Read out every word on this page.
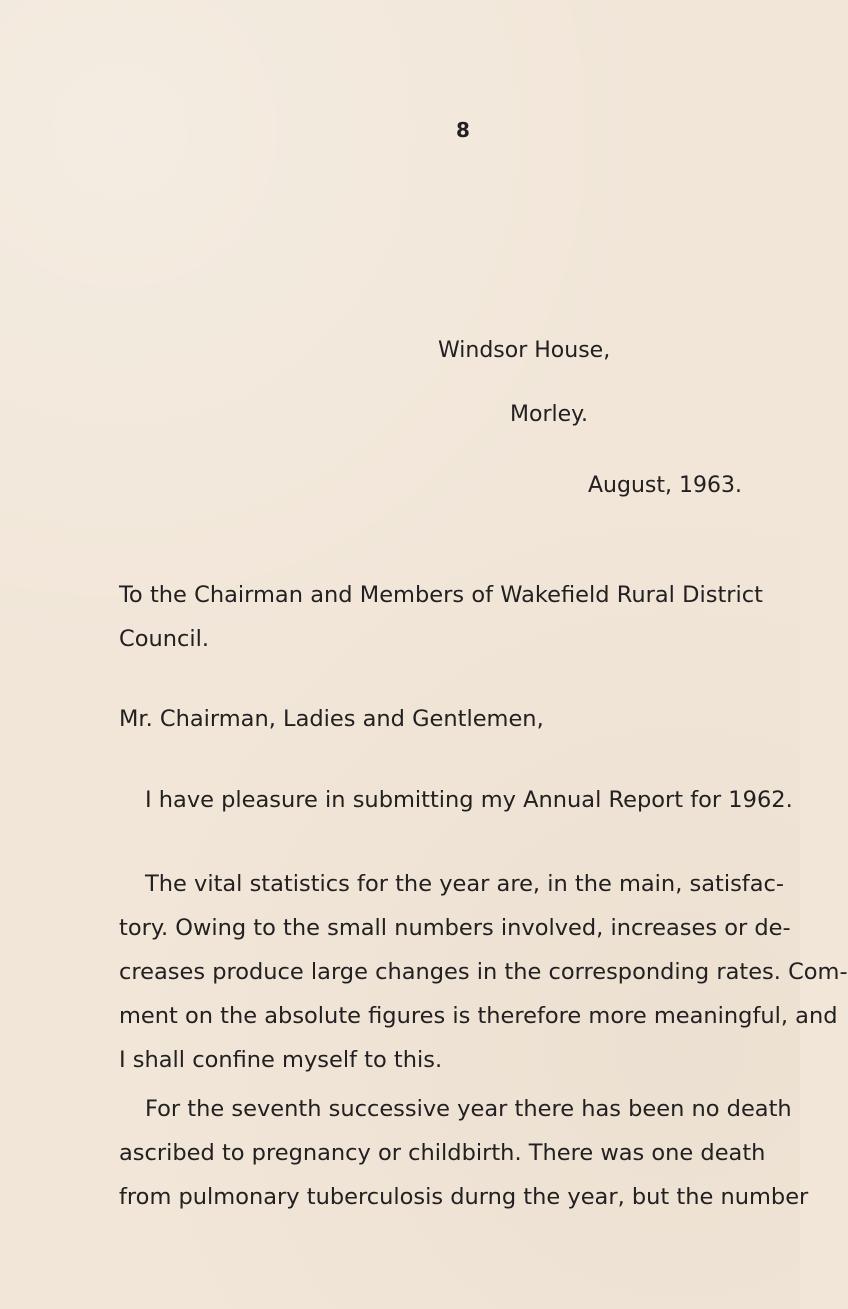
8
Windsor House,
Morley.
August, 1963.
To the Chairman and Members of Wakefield Rural District
Council.
Mr. Chairman, Ladies and Gentlemen,
I have pleasure in submitting my Annual Report for 1962.
The vital statistics for the year are, in the main, satisfac-
tory. Owing to the small numbers involved, increases or de-
creases produce large changes in the corresponding rates. Com-
ment on the absolute figures is therefore more meaningful, and
I shall confine myself to this.
For the seventh successive year there has been no death
ascribed to pregnancy or childbirth. There was one death
from pulmonary tuberculosis durng the year, but the number
